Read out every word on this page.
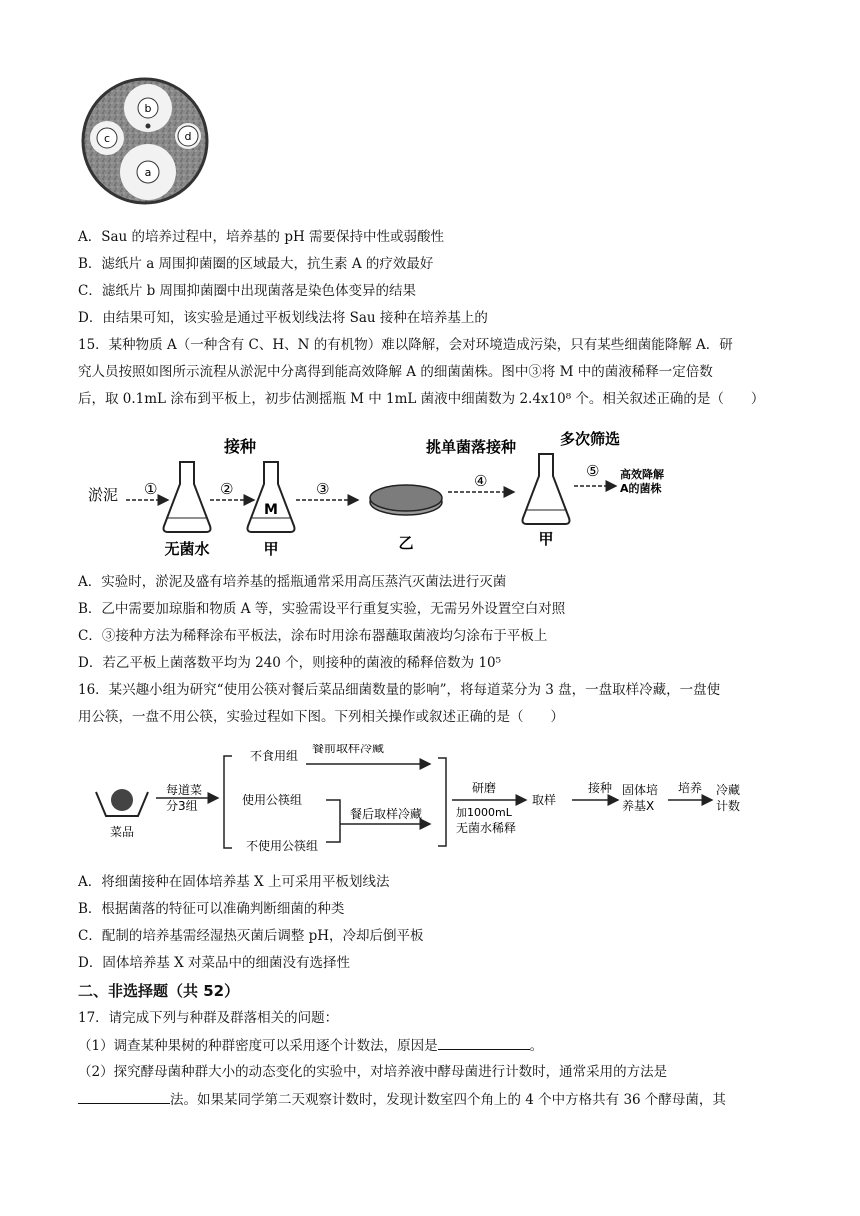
b
a
c	d
A．Sau 的培养过程中，培养基的 pH 需要保持中性或弱酸性
B．滤纸片 a 周围抑菌圈的区域最大，抗生素 A 的疗效最好
C．滤纸片 b 周围抑菌圈中出现菌落是染色体变异的结果
D．由结果可知，该实验是通过平板划线法将 Sau 接种在培养基上的
15．某种物质 A（一种含有 C、H、N 的有机物）难以降解，会对环境造成污染，只有某些细菌能降解 A．研
究人员按照如图所示流程从淤泥中分离得到能高效降解 A 的细菌菌株。图中③将 M 中的菌液稀释一定倍数
后，取 0.1mL 涂布到平板上，初步估测摇瓶 M 中 1mL 菌液中细菌数为 2.4x10⁸ 个。相关叙述正确的是（　　）
淤泥 ①
无菌水
②
接种
M
甲
③
乙
挑单菌落接种
④
甲
多次筛选
⑤ 高效降解
A的菌株
A．实验时，淤泥及盛有培养基的摇瓶通常采用高压蒸汽灭菌法进行灭菌
B．乙中需要加琼脂和物质 A 等，实验需设平行重复实验，无需另外设置空白对照
C．③接种方法为稀释涂布平板法，涂布时用涂布器蘸取菌液均匀涂布于平板上
D．若乙平板上菌落数平均为 240 个，则接种的菌液的稀释倍数为 10⁵
16．某兴趣小组为研究“使用公筷对餐后菜品细菌数量的影响”，将每道菜分为 3 盘，一盘取样冷藏，一盘使
用公筷，一盘不用公筷，实验过程如下图。下列相关操作或叙述正确的是（　　）
菜品
每道菜
分3组
不食用组
使用公筷组
不使用公筷组
餐前取样冷藏
餐后取样冷藏
研磨
加1000mL
无菌水稀释
取样
接种 固体培
养基X
培养 冷藏
计数
A．将细菌接种在固体培养基 X 上可采用平板划线法
B．根据菌落的特征可以准确判断细菌的种类
C．配制的培养基需经湿热灭菌后调整 pH，冷却后倒平板
D．固体培养基 X 对菜品中的细菌没有选择性
二、非选择题（共 52）
17．请完成下列与种群及群落相关的问题：
（1）调查某种果树的种群密度可以采用逐个计数法，原因是	。
（2）探究酵母菌种群大小的动态变化的实验中，对培养液中酵母菌进行计数时，通常采用的方法是
法。如果某同学第二天观察计数时，发现计数室四个角上的 4 个中方格共有 36 个酵母菌，其
